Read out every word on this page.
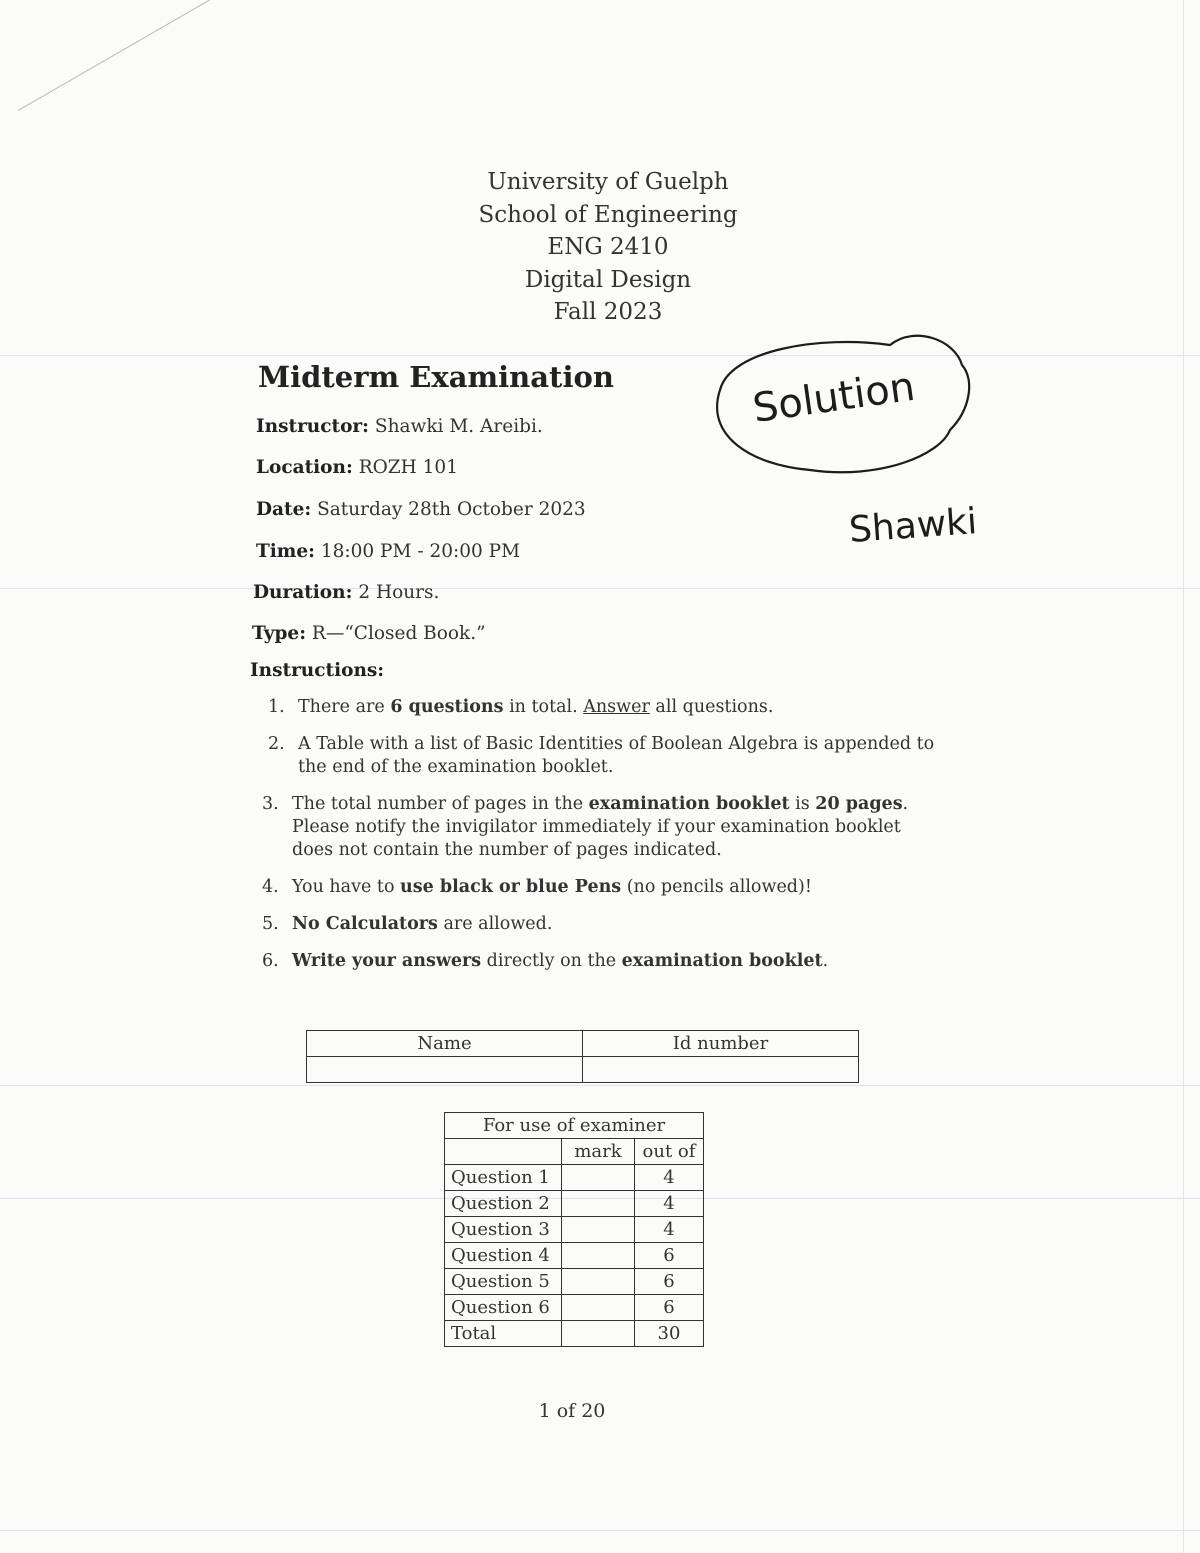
University of Guelph
School of Engineering
ENG 2410
Digital Design
Fall 2023
Midterm Examination	Solution
Shawki
Instructor: Shawki M. Areibi.
Location: ROZH 101
Date: Saturday 28th October 2023
Time: 18:00 PM - 20:00 PM
Duration: 2 Hours.
Type: R—“Closed Book.”
Instructions:
1. There are 6 questions in total. Answer all questions.
2. A Table with a list of Basic Identities of Boolean Algebra is appended to the end of the examination booklet.
3. The total number of pages in the examination booklet is 20 pages. Please notify the invigilator immediately if your examination booklet does not contain the number of pages indicated.
4. You have to use black or blue Pens (no pencils allowed)!
5. No Calculators are allowed.
6. Write your answers directly on the examination booklet.
Name	Id number

For use of examiner		
	mark	out of
Question 1		4
Question 2		4
Question 3		4
Question 4		6
Question 5		6
Question 6		6
Total		30
1 of 20
